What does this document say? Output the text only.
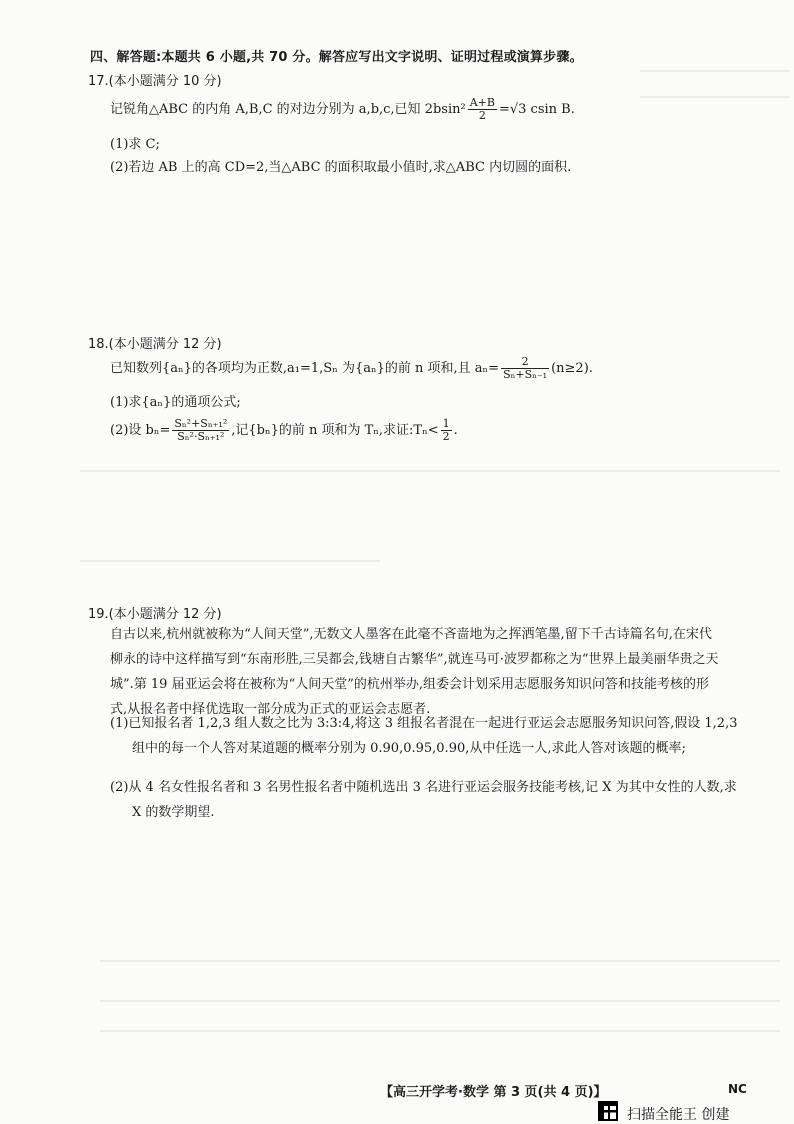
四、解答题:本题共 6 小题,共 70 分。解答应写出文字说明、证明过程或演算步骤。
17.(本小题满分 10 分)
记锐角△ABC 的内角 A,B,C 的对边分别为 a,b,c,已知 $2bsin^2 \frac{A+B}{2} =√3$ csin B.
(1)求 C;
(2)若边 AB 上的高 CD=2,当△ABC 的面积取最小值时,求△ABC 内切圆的面积.
18.(本小题满分 12 分)
已知数列{aₙ}的各项均为正数,a₁=1,Sₙ 为{aₙ}的前 n 项和,且 $a_n= \frac{2}{\text{Sₙ+Sₙ₋₁}} (n\ge 2)$.
(1)求{aₙ}的通项公式;
(2)设 $b_n= \frac{\text{Sₙ²+Sₙ₊₁²}}{\text{Sₙ²·Sₙ₊₁²}}$ ,记{bₙ}的前 n 项和为 Tₙ,求证:Tₙ< $\frac{1}{2}$ .
19.(本小题满分 12 分)
自古以来,杭州就被称为“人间天堂”,无数文人墨客在此毫不吝啬地为之挥洒笔墨,留下千古诗篇名句,在宋代柳永的诗中这样描写到“东南形胜,三吴都会,钱塘自古繁华”,就连马可·波罗都称之为“世界上最美丽华贵之天城”.第 19 届亚运会将在被称为“人间天堂”的杭州举办,组委会计划采用志愿服务知识问答和技能考核的形式,从报名者中择优选取一部分成为正式的亚运会志愿者.
(1)已知报名者 1,2,3 组人数之比为 3:3:4,将这 3 组报名者混在一起进行亚运会志愿服务知识问答,假设 1,2,3 组中的每一个人答对某道题的概率分别为 0.90,0.95,0.90,从中任选一人,求此人答对该题的概率;
(2)从 4 名女性报名者和 3 名男性报名者中随机选出 3 名进行亚运会服务技能考核,记 X 为其中女性的人数,求 X 的数学期望.
【高三开学考·数学 第 3 页(共 4 页)】	NC
扫描全能王 创建
